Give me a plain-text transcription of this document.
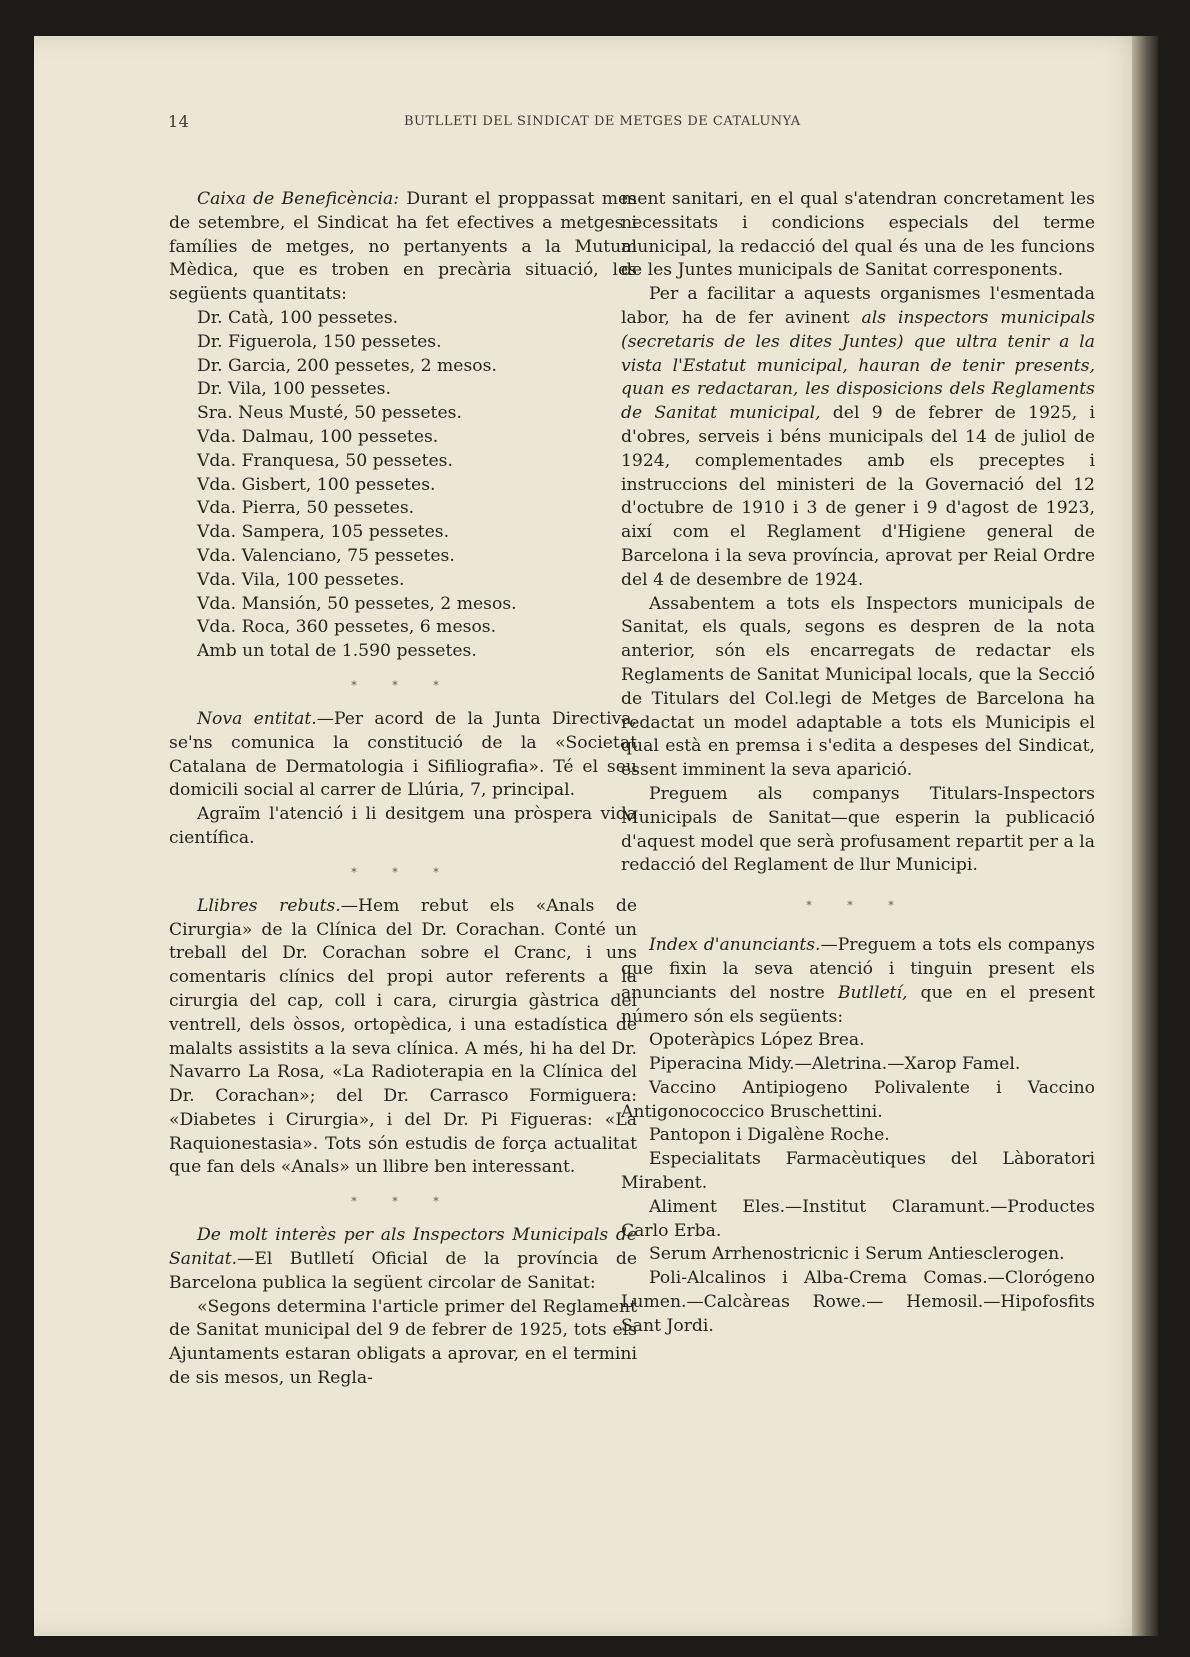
14	BUTLLETI DEL SINDICAT DE METGES DE CATALUNYA

Caixa de Beneficència: Durant el proppassat mes de setembre, el Sindicat ha fet efectives a metges i famílies de metges, no pertanyents a la Mutual Mèdica, que es troben en precària situació, les següents quantitats:

Dr. Catà, 100 pessetes.

Dr. Figuerola, 150 pessetes.

Dr. Garcia, 200 pessetes, 2 mesos.

Dr. Vila, 100 pessetes.

Sra. Neus Musté, 50 pessetes.

Vda. Dalmau, 100 pessetes.

Vda. Franquesa, 50 pessetes.

Vda. Gisbert, 100 pessetes.

Vda. Pierra, 50 pessetes.

Vda. Sampera, 105 pessetes.

Vda. Valenciano, 75 pessetes.

Vda. Vila, 100 pessetes.

Vda. Mansión, 50 pessetes, 2 mesos.

Vda. Roca, 360 pessetes, 6 mesos.

Amb un total de 1.590 pessetes.

* * *

Nova entitat.—Per acord de la Junta Directiva, se'ns comunica la constitució de la «Societat Catalana de Dermatologia i Sifiliografia». Té el seu domicili social al carrer de Llúria, 7, principal.

Agraïm l'atenció i li desitgem una pròspera vida científica.

* * *

Llibres rebuts.—Hem rebut els «Anals de Cirurgia» de la Clínica del Dr. Corachan. Conté un treball del Dr. Corachan sobre el Cranc, i uns comentaris clínics del propi autor referents a la cirurgia del cap, coll i cara, cirurgia gàstrica del ventrell, dels òssos, ortopèdica, i una estadística de malalts assistits a la seva clínica. A més, hi ha del Dr. Navarro La Rosa, «La Radioterapia en la Clínica del Dr. Corachan»; del Dr. Carrasco Formiguera: «Diabetes i Cirurgia», i del Dr. Pi Figueras: «La Raquionestasia». Tots són estudis de força actualitat que fan dels «Anals» un llibre ben interessant.

* * *

De molt interès per als Inspectors Municipals de Sanitat.—El Butlletí Oficial de la província de Barcelona publica la següent circolar de Sanitat:

«Segons determina l'article primer del Reglament de Sanitat municipal del 9 de febrer de 1925, tots els Ajuntaments estaran obligats a aprovar, en el termini de sis mesos, un Regla-

ment sanitari, en el qual s'atendran concretament les necessitats i condicions especials del terme municipal, la redacció del qual és una de les funcions de les Juntes municipals de Sanitat corresponents.

Per a facilitar a aquests organismes l'esmentada labor, ha de fer avinent als inspectors municipals (secretaris de les dites Juntes) que ultra tenir a la vista l'Estatut municipal, hauran de tenir presents, quan es redactaran, les disposicions dels Reglaments de Sanitat municipal, del 9 de febrer de 1925, i d'obres, serveis i béns municipals del 14 de juliol de 1924, complementades amb els preceptes i instruccions del ministeri de la Governació del 12 d'octubre de 1910 i 3 de gener i 9 d'agost de 1923, així com el Reglament d'Higiene general de Barcelona i la seva província, aprovat per Reial Ordre del 4 de desembre de 1924.

Assabentem a tots els Inspectors municipals de Sanitat, els quals, segons es despren de la nota anterior, són els encarregats de redactar els Reglaments de Sanitat Municipal locals, que la Secció de Titulars del Col.legi de Metges de Barcelona ha redactat un model adaptable a tots els Municipis el qual està en premsa i s'edita a despeses del Sindicat, essent imminent la seva aparició.

Preguem als companys Titulars-Inspectors Municipals de Sanitat—que esperin la publicació d'aquest model que serà profusament repartit per a la redacció del Reglament de llur Municipi.

* * *

Index d'anunciants.—Preguem a tots els companys que fixin la seva atenció i tinguin present els anunciants del nostre Butlletí, que en el present número són els següents:

Opoteràpics López Brea.

Piperacina Midy.—Aletrina.—Xarop Famel.

Vaccino Antipiogeno Polivalente i Vaccino Antigonococcico Bruschettini.

Pantopon i Digalène Roche.

Especialitats Farmacèutiques del Làboratori Mirabent.

Aliment Eles.—Institut Claramunt.—Productes Carlo Erba.

Serum Arrhenostricnic i Serum Antiesclerogen.

Poli-Alcalinos i Alba-Crema Comas.—Clorógeno Lumen.—Calcàreas Rowe.— Hemosil.—Hipofosfits Sant Jordi.
